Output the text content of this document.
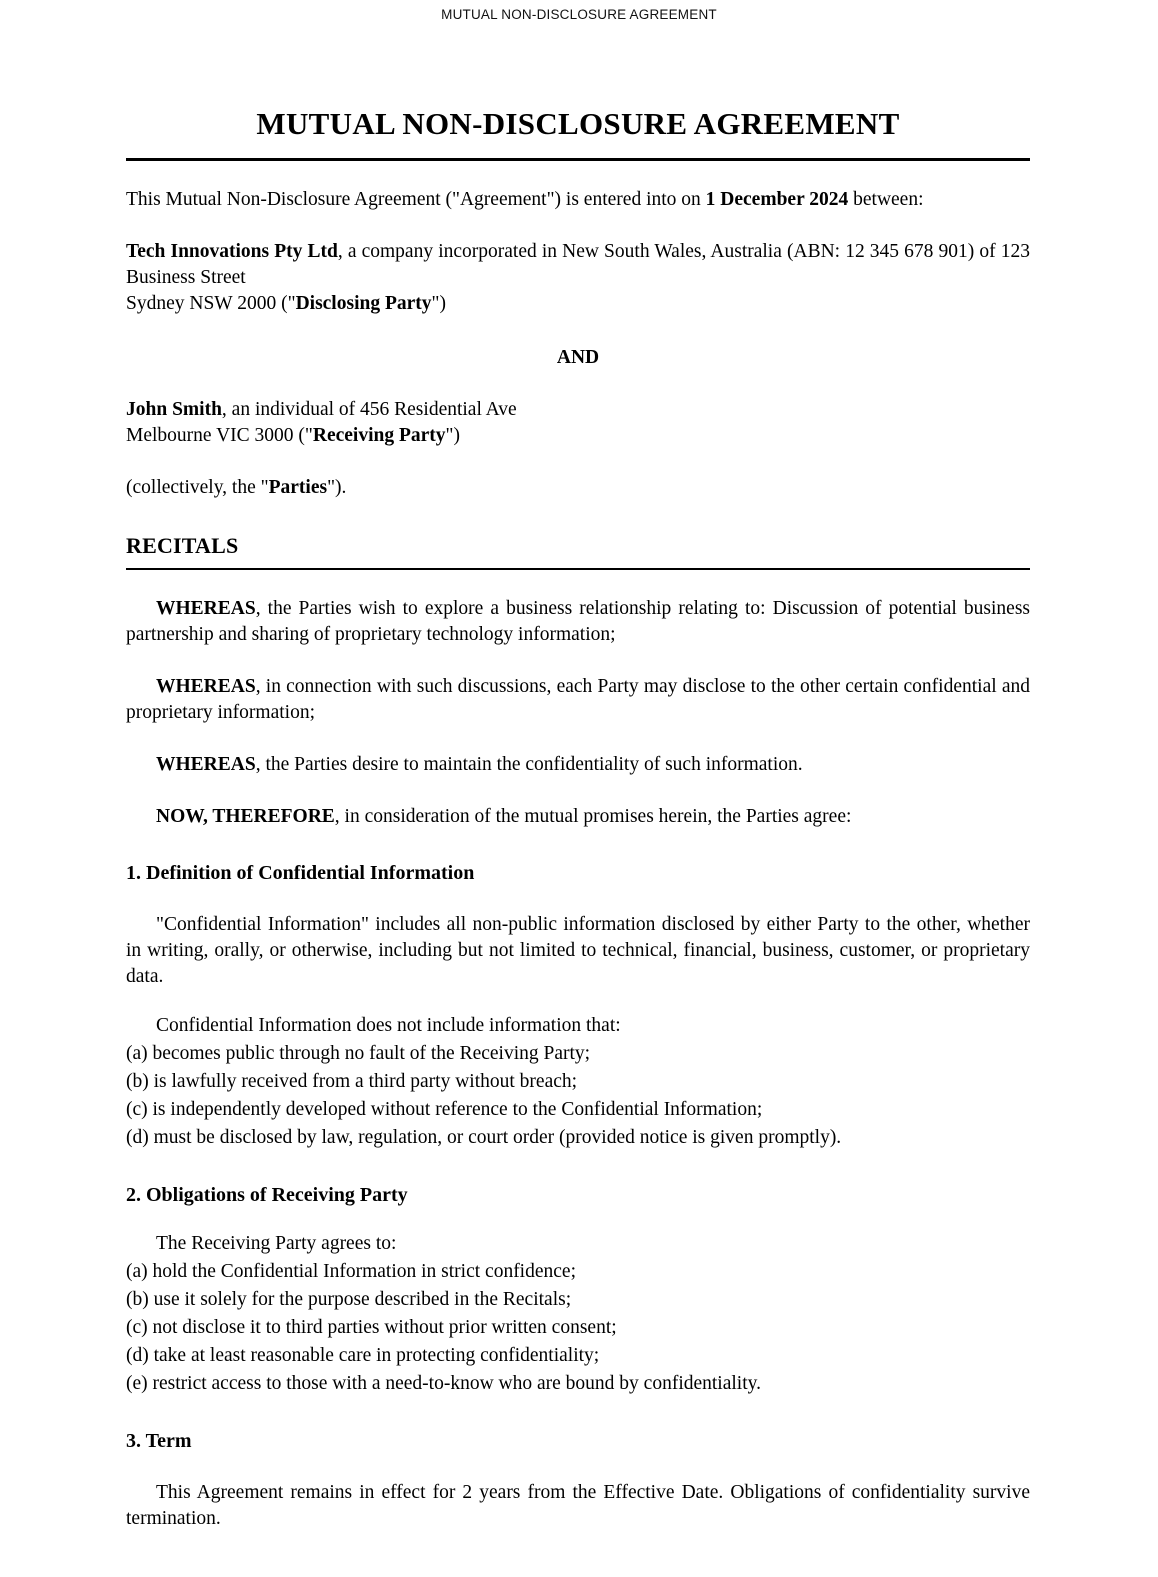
MUTUAL NON-DISCLOSURE AGREEMENT
MUTUAL NON-DISCLOSURE AGREEMENT

This Mutual Non-Disclosure Agreement ("Agreement") is entered into on 1 December 2024 between:

Tech Innovations Pty Ltd, a company incorporated in New South Wales, Australia (ABN: 12 345 678 901) of 123 Business Street
Sydney NSW 2000 ("Disclosing Party")

AND

John Smith, an individual of 456 Residential Ave
Melbourne VIC 3000 ("Receiving Party")

(collectively, the "Parties").

RECITALS

WHEREAS, the Parties wish to explore a business relationship relating to: Discussion of potential business partnership and sharing of proprietary technology information;

WHEREAS, in connection with such discussions, each Party may disclose to the other certain confidential and proprietary information;

WHEREAS, the Parties desire to maintain the confidentiality of such information.

NOW, THEREFORE, in consideration of the mutual promises herein, the Parties agree:

1. Definition of Confidential Information

"Confidential Information" includes all non-public information disclosed by either Party to the other, whether in writing, orally, or otherwise, including but not limited to technical, financial, business, customer, or proprietary data.

Confidential Information does not include information that:
(a) becomes public through no fault of the Receiving Party;
(b) is lawfully received from a third party without breach;
(c) is independently developed without reference to the Confidential Information;
(d) must be disclosed by law, regulation, or court order (provided notice is given promptly).
2. Obligations of Receiving Party
The Receiving Party agrees to:
(a) hold the Confidential Information in strict confidence;
(b) use it solely for the purpose described in the Recitals;
(c) not disclose it to third parties without prior written consent;
(d) take at least reasonable care in protecting confidentiality;
(e) restrict access to those with a need-to-know who are bound by confidentiality.
3. Term

This Agreement remains in effect for 2 years from the Effective Date. Obligations of confidentiality survive termination.
